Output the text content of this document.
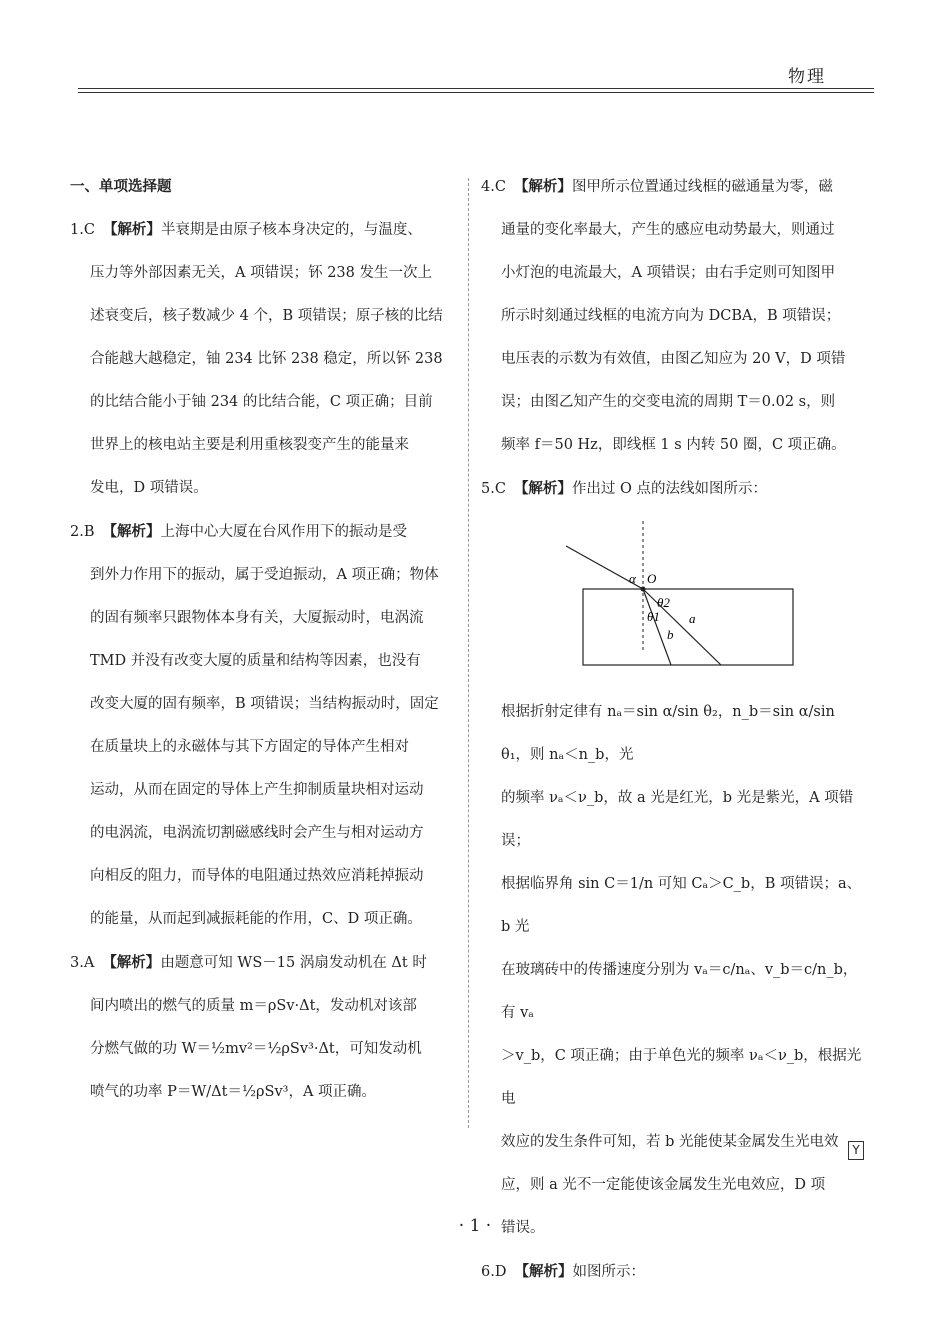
物理
一、单项选择题
1.C 【解析】半衰期是由原子核本身决定的，与温度、
压力等外部因素无关，A 项错误；钚 238 发生一次上
述衰变后，核子数减少 4 个，B 项错误；原子核的比结
合能越大越稳定，铀 234 比钚 238 稳定，所以钚 238
的比结合能小于铀 234 的比结合能，C 项正确；目前
世界上的核电站主要是利用重核裂变产生的能量来
发电，D 项错误。
2.B 【解析】上海中心大厦在台风作用下的振动是受
到外力作用下的振动，属于受迫振动，A 项正确；物体
的固有频率只跟物体本身有关，大厦振动时，电涡流
TMD 并没有改变大厦的质量和结构等因素，也没有
改变大厦的固有频率，B 项错误；当结构振动时，固定
在质量块上的永磁体与其下方固定的导体产生相对
运动，从而在固定的导体上产生抑制质量块相对运动
的电涡流，电涡流切割磁感线时会产生与相对运动方
向相反的阻力，而导体的电阻通过热效应消耗掉振动
的能量，从而起到减振耗能的作用，C、D 项正确。
3.A 【解析】由题意可知 WS－15 涡扇发动机在 Δt 时
间内喷出的燃气的质量 m＝ρSv·Δt，发动机对该部
分燃气做的功 W＝½mv²＝½ρSv³·Δt，可知发动机
喷气的功率 P＝W/Δt＝½ρSv³，A 项正确。
4.C 【解析】图甲所示位置通过线框的磁通量为零，磁
通量的变化率最大，产生的感应电动势最大，则通过
小灯泡的电流最大，A 项错误；由右手定则可知图甲
所示时刻通过线框的电流方向为 DCBA，B 项错误；
电压表的示数为有效值，由图乙知应为 20 V，D 项错
误；由图乙知产生的交变电流的周期 T＝0.02 s，则
频率 f＝50 Hz，即线框 1 s 内转 50 圈，C 项正确。
5.C 【解析】作出过 O 点的法线如图所示：
α O
θ1
θ2
a
b
根据折射定律有 nₐ＝sin α/sin θ₂，n_b＝sin α/sin θ₁，则 nₐ＜n_b，光
的频率 νₐ＜ν_b，故 a 光是红光，b 光是紫光，A 项错误；
根据临界角 sin C＝1/n 可知 Cₐ＞C_b，B 项错误；a、b 光
在玻璃砖中的传播速度分别为 vₐ＝c/nₐ、v_b＝c/n_b，有 vₐ
＞v_b，C 项正确；由于单色光的频率 νₐ＜ν_b，根据光电
效应的发生条件可知，若 b 光能使某金属发生光电效
应，则 a 光不一定能使该金属发生光电效应，D 项
错误。
6.D 【解析】如图所示：
Y
· 1 ·
